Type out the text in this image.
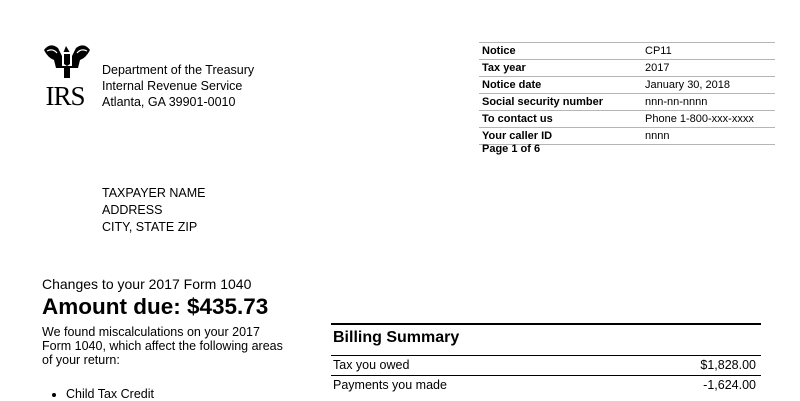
IRS
Department of the Treasury
Internal Revenue Service
Atlanta, GA 39901-0010
Notice	CP11
Tax year	2017
Notice date	January 30, 2018
Social security number	nnn-nn-nnnn
To contact us	Phone 1-800-xxx-xxxx
Your caller ID	nnnn
Page 1 of 6
TAXPAYER NAME
ADDRESS
CITY, STATE ZIP
Changes to your 2017 Form 1040
Amount due: $435.73
We found miscalculations on your 2017 Form 1040, which affect the following areas of your return:
• Child Tax Credit
Billing Summary
Tax you owed	$1,828.00
Payments you made	-1,624.00
